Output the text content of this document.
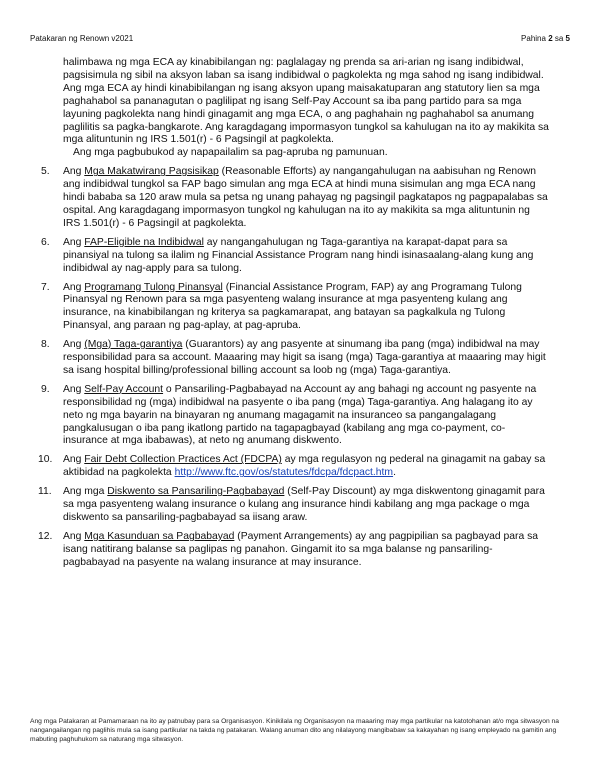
Patakaran ng Renown v2021	Pahina 2 sa 5

halimbawa ng mga ECA ay kinabibilangan ng: paglalagay ng prenda sa ari-arian ng isang indibidwal, pagsisimula ng sibil na aksyon laban sa isang indibidwal o pagkolekta ng mga sahod ng isang indibidwal. Ang mga ECA ay hindi kinabibilangan ng isang aksyon upang maisakatuparan ang statutory lien sa mga paghahabol sa pananagutan o paglilipat ng isang Self-Pay Account sa iba pang partido para sa mga layuning pagkolekta nang hindi ginagamit ang mga ECA, o ang paghahain ng paghahabol sa anumang paglilitis sa pagka-bangkarote. Ang karagdagang impormasyon tungkol sa kahulugan na ito ay makikita sa mga alituntunin ng IRS 1.501(r) - 6 Pagsingil at pagkolekta.

Ang mga pagbubukod ay napapailalim sa pag-apruba ng pamunuan.

5.	Ang Mga Makatwirang Pagsisikap (Reasonable Efforts) ay nangangahulugan na aabisuhan ng Renown ang indibidwal tungkol sa FAP bago simulan ang mga ECA at hindi muna sisimulan ang mga ECA nang hindi bababa sa 120 araw mula sa petsa ng unang pahayag ng pagsingil pagkatapos ng pagpapalabas sa ospital. Ang karagdagang impormasyon tungkol ng kahulugan na ito ay makikita sa mga alituntunin ng IRS 1.501(r) - 6 Pagsingil at pagkolekta.
6.	Ang FAP-Eligible na Indibidwal ay nangangahulugan ng Taga-garantiya na karapat-dapat para sa pinansiyal na tulong sa ilalim ng Financial Assistance Program nang hindi isinasaalang-alang kung ang indibidwal ay nag-apply para sa tulong.
7.	Ang Programang Tulong Pinansyal (Financial Assistance Program, FAP) ay ang Programang Tulong Pinansyal ng Renown para sa mga pasyenteng walang insurance at mga pasyenteng kulang ang insurance, na kinabibilangan ng kriterya sa pagkamarapat, ang batayan sa pagkalkula ng Tulong Pinansyal, ang paraan ng pag-aplay, at pag-apruba.
8.	Ang (Mga) Taga-garantiya (Guarantors) ay ang pasyente at sinumang iba pang (mga) indibidwal na may responsibilidad para sa account. Maaaring may higit sa isang (mga) Taga-garantiya at maaaring may higit sa isang hospital billing/professional billing account sa loob ng (mga) Taga-garantiya.
9.	Ang Self-Pay Account o Pansariling-Pagbabayad na Account ay ang bahagi ng account ng pasyente na responsibilidad ng (mga) indibidwal na pasyente o iba pang (mga) Taga-garantiya. Ang halagang ito ay neto ng mga bayarin na binayaran ng anumang magagamit na insuranceo sa pangangalagang pangkalusugan o iba pang ikatlong partido na tagapagbayad (kabilang ang mga co-payment, co-insurance at mga ibabawas), at neto ng anumang diskwento.
10.	Ang Fair Debt Collection Practices Act (FDCPA) ay mga regulasyon ng pederal na ginagamit na gabay sa aktibidad na pagkolekta http://www.ftc.gov/os/statutes/fdcpa/fdcpact.htm.
11.	Ang mga Diskwento sa Pansariling-Pagbabayad (Self-Pay Discount) ay mga diskwentong ginagamit para sa mga pasyenteng walang insurance o kulang ang insurance hindi kabilang ang mga package o mga diskwento sa pansariling-pagbabayad sa iisang araw.
12.	Ang Mga Kasunduan sa Pagbabayad (Payment Arrangements) ay ang pagpipilian sa pagbayad para sa isang natitirang balanse sa paglipas ng panahon. Gingamit ito sa mga balanse ng pansariling-pagbabayad na pasyente na walang insurance at may insurance.
Ang mga Patakaran at Pamamaraan na ito ay patnubay para sa Organisasyon. Kinikilala ng Organisasyon na maaaring may mga partikular na katotohanan at/o mga sitwasyon na nangangailangan ng paglihis mula sa isang partikular na takda ng patakaran. Walang anuman dito ang nilalayong mangibabaw sa kakayahan ng isang empleyado na gamitin ang mabuting paghuhukom sa naturang mga sitwasyon.
